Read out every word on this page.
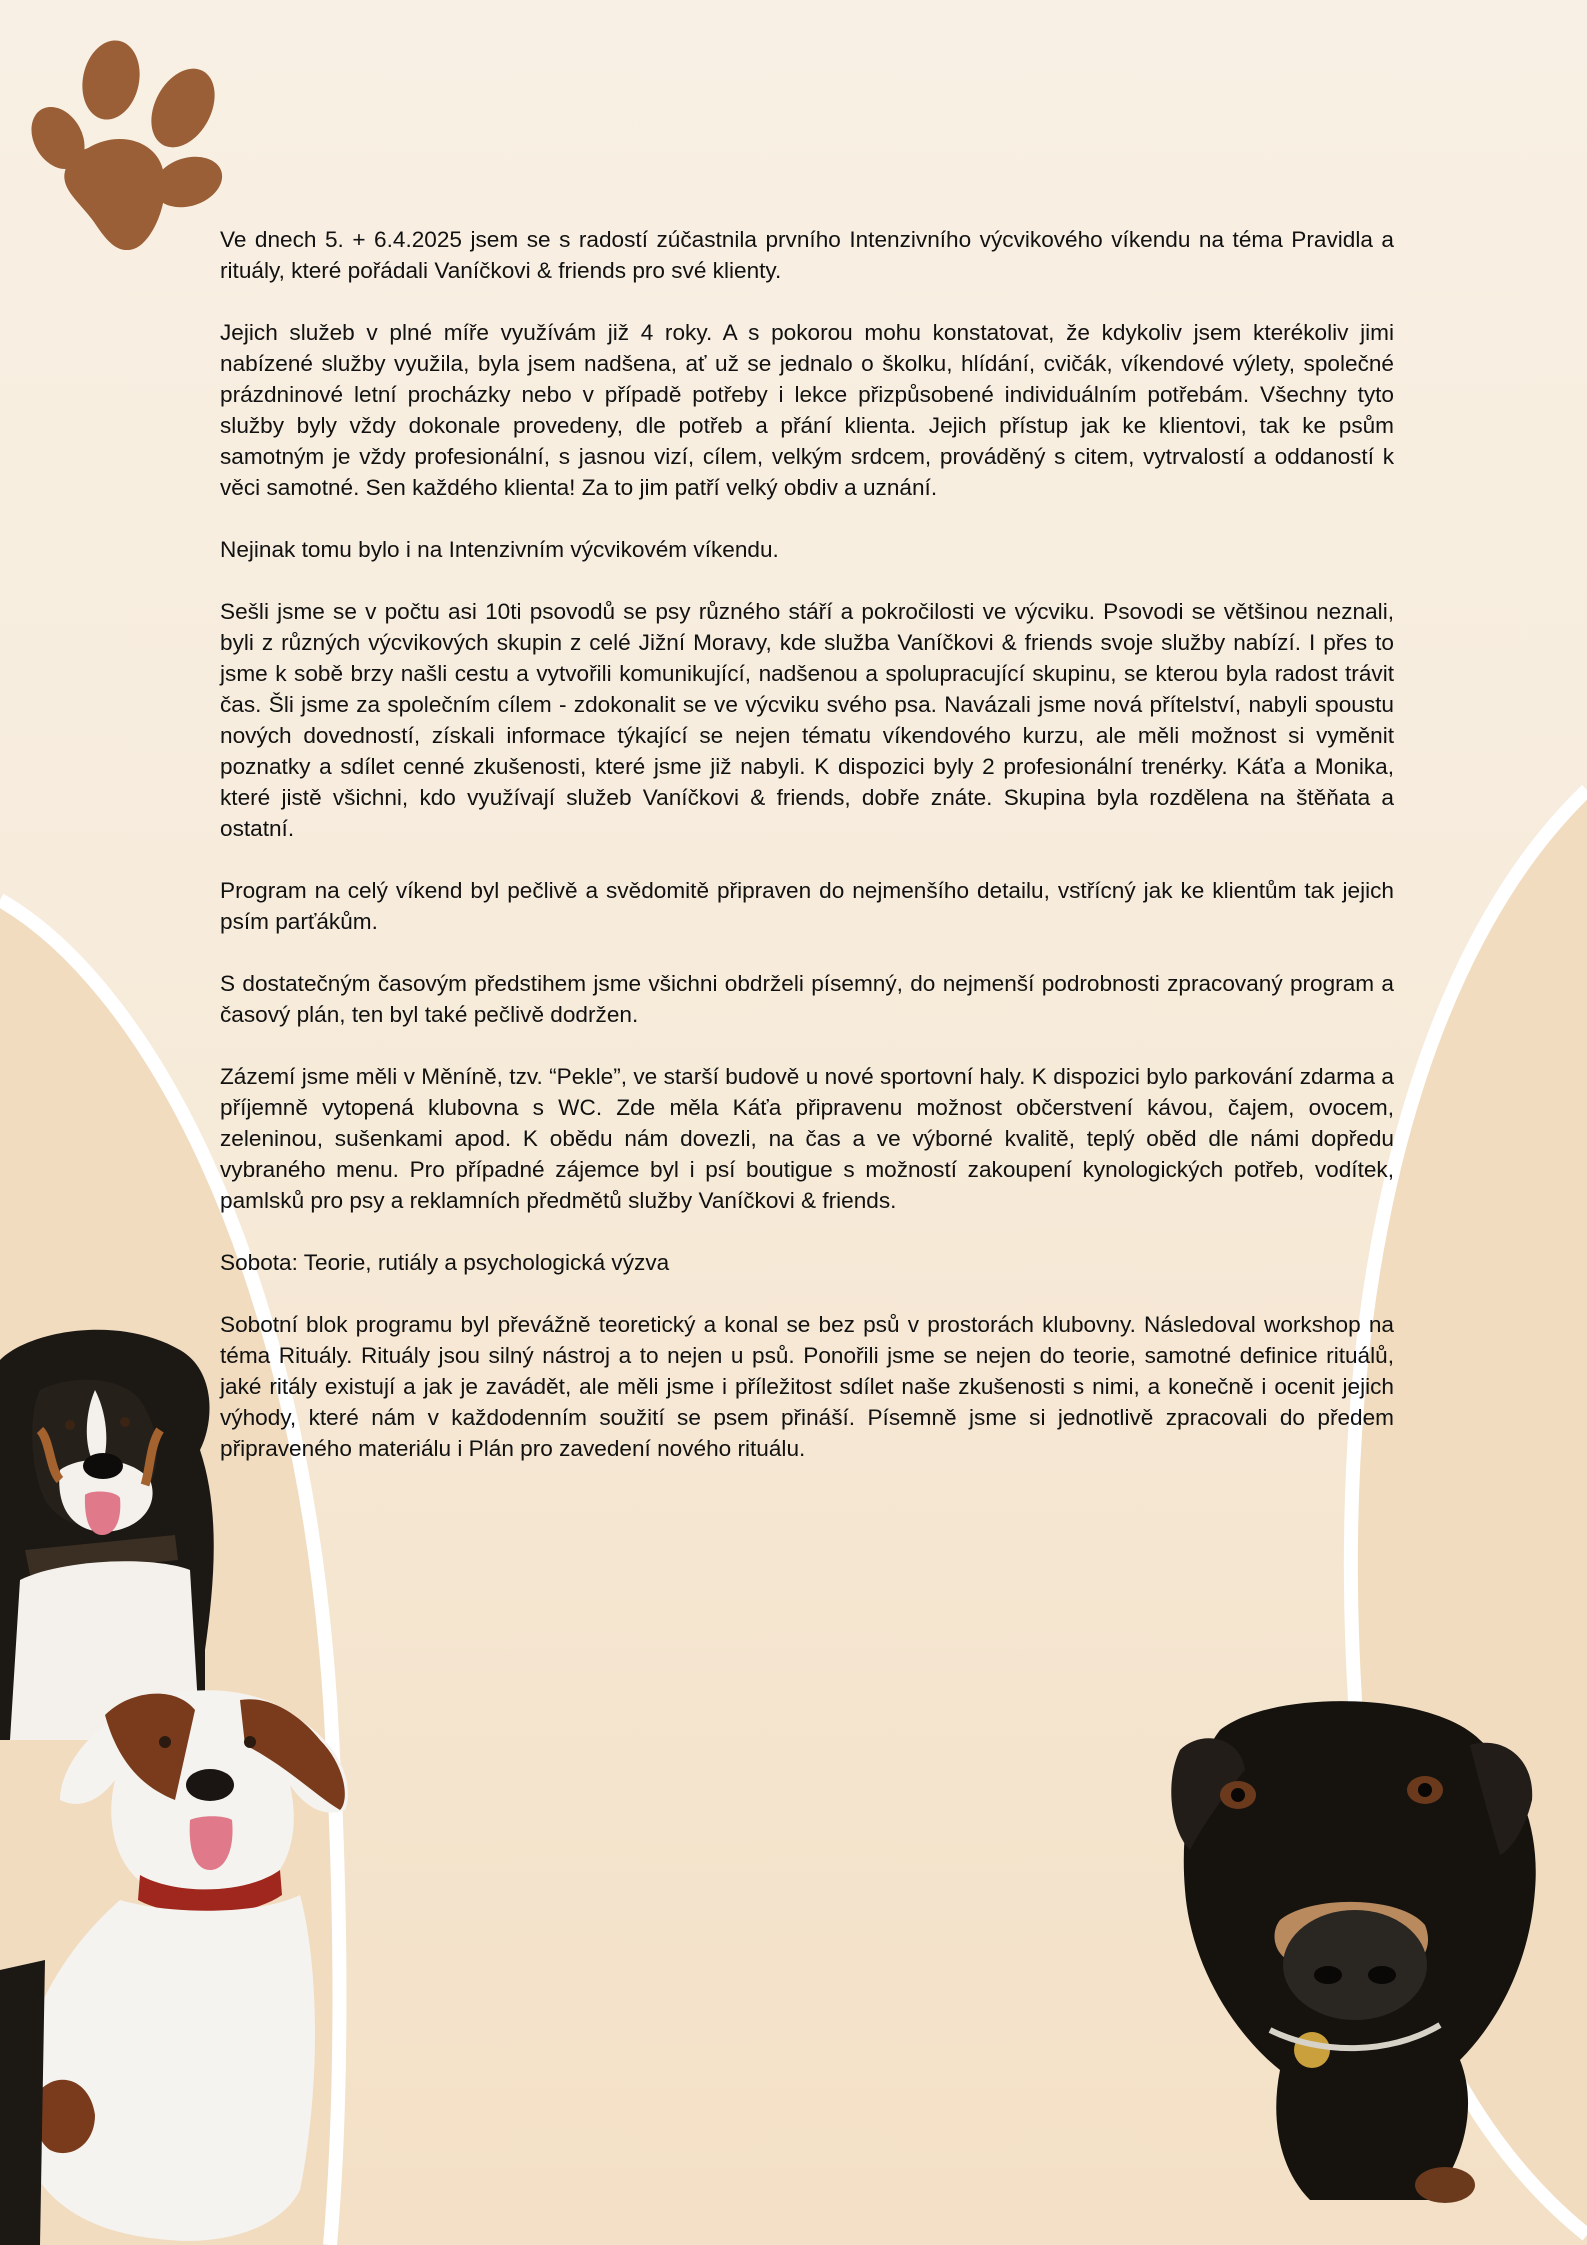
Ve dnech 5. + 6.4.2025 jsem se s radostí zúčastnila prvního Intenzivního výcvikového víkendu na téma Pravidla a rituály, které pořádali Vaníčkovi & friends pro své klienty.

Jejich služeb v plné míře využívám již 4 roky. A s pokorou mohu konstatovat, že kdykoliv jsem kterékoliv jimi nabízené služby využila, byla jsem nadšena, ať už se jednalo o školku, hlídání, cvičák, víkendové výlety, společné prázdninové letní procházky nebo v případě potřeby i lekce přizpůsobené individuálním potřebám. Všechny tyto služby byly vždy dokonale provedeny, dle potřeb a přání klienta. Jejich přístup jak ke klientovi, tak ke psům samotným je vždy profesionální, s jasnou vizí, cílem, velkým srdcem, prováděný s citem, vytrvalostí a oddaností k věci samotné. Sen každého klienta! Za to jim patří velký obdiv a uznání.

Nejinak tomu bylo i na Intenzivním výcvikovém víkendu.

Sešli jsme se v počtu asi 10ti psovodů se psy různého stáří a pokročilosti ve výcviku. Psovodi se většinou neznali, byli z různých výcvikových skupin z celé Jižní Moravy, kde služba Vaníčkovi & friends svoje služby nabízí. I přes to jsme k sobě brzy našli cestu a vytvořili komunikující, nadšenou a spolupracující skupinu, se kterou byla radost trávit čas. Šli jsme za společním cílem - zdokonalit se ve výcviku svého psa. Navázali jsme nová přítelství, nabyli spoustu nových dovedností, získali informace týkající se nejen tématu víkendového kurzu, ale měli možnost si vyměnit poznatky a sdílet cenné zkušenosti, které jsme již nabyli. K dispozici byly 2 profesionální trenérky. Káťa a Monika, které jistě všichni, kdo využívají služeb Vaníčkovi & friends, dobře znáte. Skupina byla rozdělena na štěňata a ostatní.

Program na celý víkend byl pečlivě a svědomitě připraven do nejmenšího detailu, vstřícný jak ke klientům tak jejich psím parťákům.

S dostatečným časovým předstihem jsme všichni obdrželi písemný, do nejmenší podrobnosti zpracovaný program a časový plán, ten byl také pečlivě dodržen.

Zázemí jsme měli v Měníně, tzv. “Pekle”, ve starší budově u nové sportovní haly. K dispozici bylo parkování zdarma a příjemně vytopená klubovna s WC. Zde měla Káťa připravenu možnost občerstvení kávou, čajem, ovocem, zeleninou, sušenkami apod. K obědu nám dovezli, na čas a ve výborné kvalitě, teplý oběd dle námi dopředu vybraného menu. Pro případné zájemce byl i psí boutigue s možností zakoupení kynologických potřeb, vodítek, pamlsků pro psy a reklamních předmětů služby Vaníčkovi & friends.

Sobota: Teorie, rutiály a psychologická výzva

Sobotní blok programu byl převážně teoretický a konal se bez psů v prostorách klubovny. Následoval workshop na téma Rituály. Rituály jsou silný nástroj a to nejen u psů. Ponořili jsme se nejen do teorie, samotné definice rituálů, jaké ritály existují a jak je zavádět, ale měli jsme i příležitost sdílet naše zkušenosti s nimi, a konečně i ocenit jejich výhody, které nám v každodenním soužití se psem přináší. Písemně jsme si jednotlivě zpracovali do předem připraveného materiálu i Plán pro zavedení nového rituálu.
